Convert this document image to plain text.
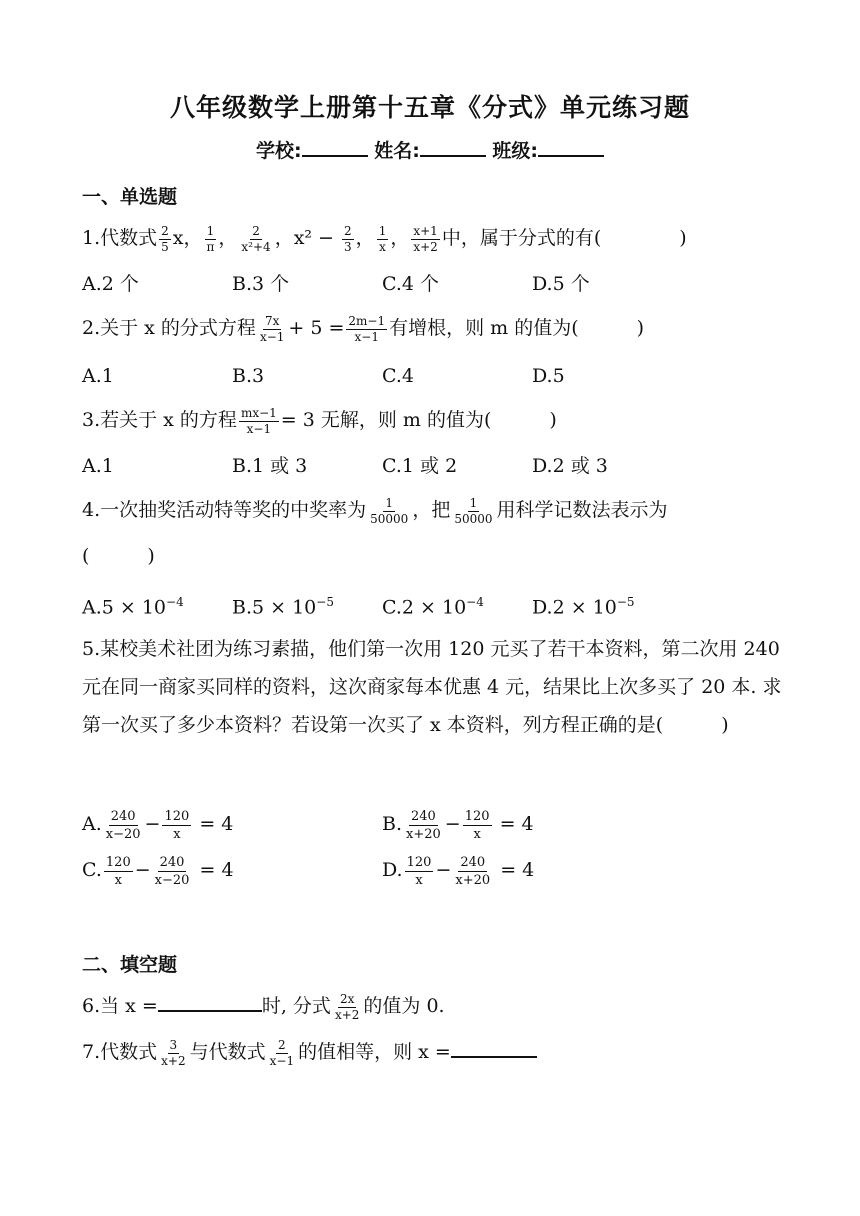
八年级数学上册第十五章《分式》单元练习题
学校:	姓名:	班级:
一、单选题
1.代数式 $\frac{2}{5}$ x， $\frac{1}{\pi}$ ， $\frac{2}{\text{x²+4}}$ ，$x^2 - \frac{2}{3}$ ， $\frac{1}{x}$ ， $\frac{x+1}{x+2}$ 中，属于分式的有(	)
A.2 个	B.3 个	C.4 个	D.5 个
2.关于 x 的分式方程 $\frac{7x}{x-1} + 5 = \frac{2m-1}{x-1}$ 有增根，则 m 的值为(	)
A.1	B.3	C.4	D.5
3.若关于 x 的方程 $\frac{mx-1}{x-1} = 3$ 无解，则 m 的值为(	)
A.1	B.1 或 3	C.1 或 2	D.2 或 3
4.一次抽奖活动特等奖的中奖率为 $\frac{1}{50000}$ ，把 $\frac{1}{50000}$ 用科学记数法表示为
(	)
$A.5 \times 10^{-4}$	$B.5 \times 10^{-5}$	$C.2 \times 10^{-4}$	$D.2 \times 10^{-5}$
5.某校美术社团为练习素描，他们第一次用 120 元买了若干本资料，第二次用 240 元在同一商家买同样的资料，这次商家每本优惠 4 元，结果比上次多买了 20 本. 求第一次买了多少本资料？若设第一次买了 x 本资料，列方程正确的是(	)
A. $\frac{240}{x-20} - \frac{120}{x} = 4$	B. $\frac{240}{x+20} - \frac{120}{x} = 4$
C. $\frac{120}{x} - \frac{240}{x-20} = 4$	D. $\frac{120}{x} - \frac{240}{x+20} = 4$
二、填空题
6.当 x =	时, 分式 $\frac{2x}{x+2}$ 的值为 0.
7.代数式 $\frac{3}{x+2}$ 与代数式 $\frac{2}{x-1}$ 的值相等，则 x =
